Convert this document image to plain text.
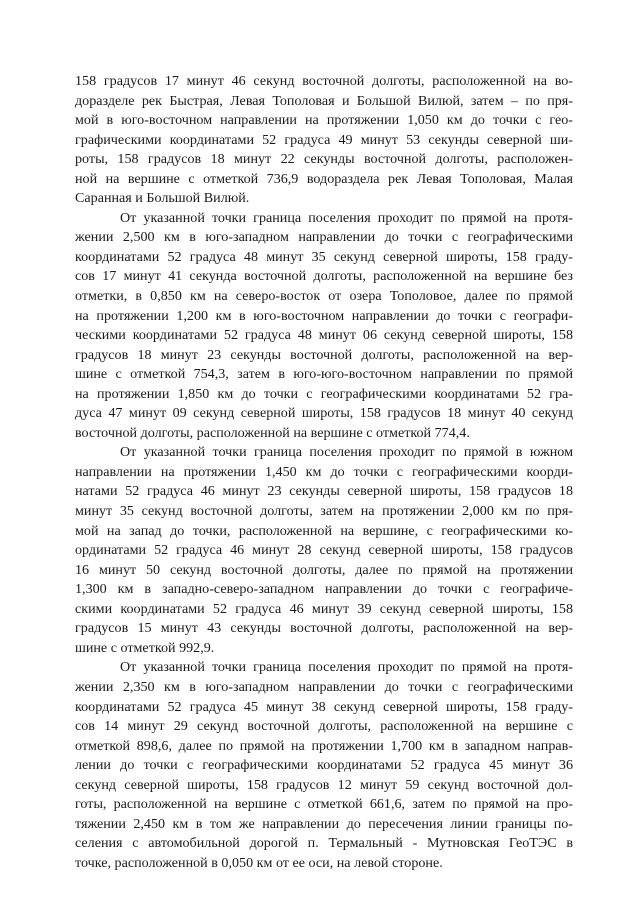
158 градусов 17 минут 46 секунд восточной долготы, расположенной на во-
доразделе рек Быстрая, Левая Тополовая и Большой Вилюй, затем – по пря-
мой в юго-восточном направлении на протяжении 1,050 км до точки с гео-
графическими координатами 52 градуса 49 минут 53 секунды северной ши-
роты, 158 градусов 18 минут 22 секунды восточной долготы, расположен-
ной на вершине с отметкой 736,9 водораздела рек Левая Тополовая, Малая
Саранная и Большой Вилюй.
От указанной точки граница поселения проходит по прямой на протя-
жении 2,500 км в юго-западном направлении до точки с географическими
координатами 52 градуса 48 минут 35 секунд северной широты, 158 граду-
сов 17 минут 41 секунда восточной долготы, расположенной на вершине без
отметки, в 0,850 км на северо-восток от озера Тополовое, далее по прямой
на протяжении 1,200 км в юго-восточном направлении до точки с географи-
ческими координатами 52 градуса 48 минут 06 секунд северной широты, 158
градусов 18 минут 23 секунды восточной долготы, расположенной на вер-
шине с отметкой 754,3, затем в юго-юго-восточном направлении по прямой
на протяжении 1,850 км до точки с географическими координатами 52 гра-
дуса 47 минут 09 секунд северной широты, 158 градусов 18 минут 40 секунд
восточной долготы, расположенной на вершине с отметкой 774,4.
От указанной точки граница поселения проходит по прямой в южном
направлении на протяжении 1,450 км до точки с географическими коорди-
натами 52 градуса 46 минут 23 секунды северной широты, 158 градусов 18
минут 35 секунд восточной долготы, затем на протяжении 2,000 км по пря-
мой на запад до точки, расположенной на вершине, с географическими ко-
ординатами 52 градуса 46 минут 28 секунд северной широты, 158 градусов
16 минут 50 секунд восточной долготы, далее по прямой на протяжении
1,300 км в западно-северо-западном направлении до точки с географиче-
скими координатами 52 градуса 46 минут 39 секунд северной широты, 158
градусов 15 минут 43 секунды восточной долготы, расположенной на вер-
шине с отметкой 992,9.
От указанной точки граница поселения проходит по прямой на протя-
жении 2,350 км в юго-западном направлении до точки с географическими
координатами 52 градуса 45 минут 38 секунд северной широты, 158 граду-
сов 14 минут 29 секунд восточной долготы, расположенной на вершине с
отметкой 898,6, далее по прямой на протяжении 1,700 км в западном направ-
лении до точки с географическими координатами 52 градуса 45 минут 36
секунд северной широты, 158 градусов 12 минут 59 секунд восточной дол-
готы, расположенной на вершине с отметкой 661,6, затем по прямой на про-
тяжении 2,450 км в том же направлении до пересечения линии границы по-
селения с автомобильной дорогой п. Термальный - Мутновская ГеоТЭС в
точке, расположенной в 0,050 км от ее оси, на левой стороне.
